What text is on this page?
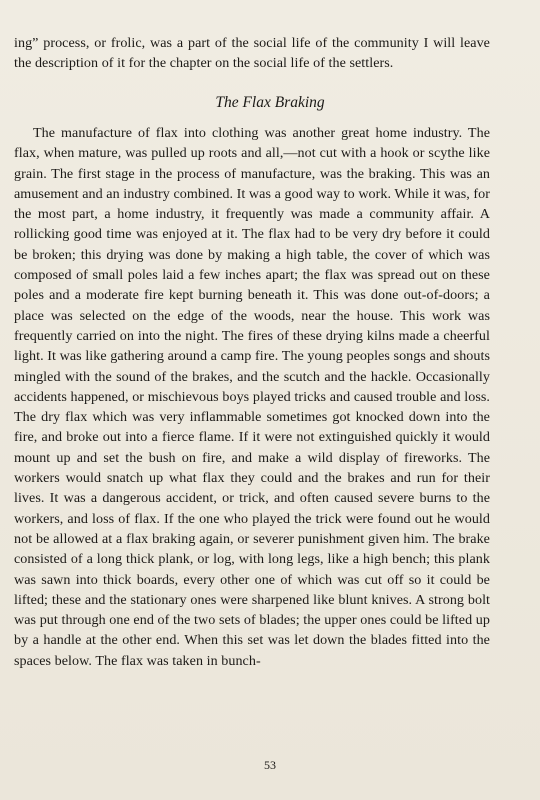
ing” process, or frolic, was a part of the social life of the community I will leave the description of it for the chapter on the social life of the settlers.

The Flax Braking

The manufacture of flax into clothing was another great home industry. The flax, when mature, was pulled up roots and all,—not cut with a hook or scythe like grain. The first stage in the process of manufacture, was the braking. This was an amusement and an industry combined. It was a good way to work. While it was, for the most part, a home industry, it frequently was made a community affair. A rollicking good time was enjoyed at it. The flax had to be very dry before it could be broken; this drying was done by making a high table, the cover of which was composed of small poles laid a few inches apart; the flax was spread out on these poles and a moderate fire kept burning beneath it. This was done out-of-doors; a place was selected on the edge of the woods, near the house. This work was frequently carried on into the night. The fires of these drying kilns made a cheerful light. It was like gathering around a camp fire. The young peoples songs and shouts mingled with the sound of the brakes, and the scutch and the hackle. Occasionally accidents happened, or mischievous boys played tricks and caused trouble and loss. The dry flax which was very inflammable sometimes got knocked down into the fire, and broke out into a fierce flame. If it were not extinguished quickly it would mount up and set the bush on fire, and make a wild display of fireworks. The workers would snatch up what flax they could and the brakes and run for their lives. It was a dangerous accident, or trick, and often caused severe burns to the workers, and loss of flax. If the one who played the trick were found out he would not be allowed at a flax braking again, or severer punishment given him. The brake consisted of a long thick plank, or log, with long legs, like a high bench; this plank was sawn into thick boards, every other one of which was cut off so it could be lifted; these and the stationary ones were sharpened like blunt knives. A strong bolt was put through one end of the two sets of blades; the upper ones could be lifted up by a handle at the other end. When this set was let down the blades fitted into the spaces below. The flax was taken in bunch-

53
